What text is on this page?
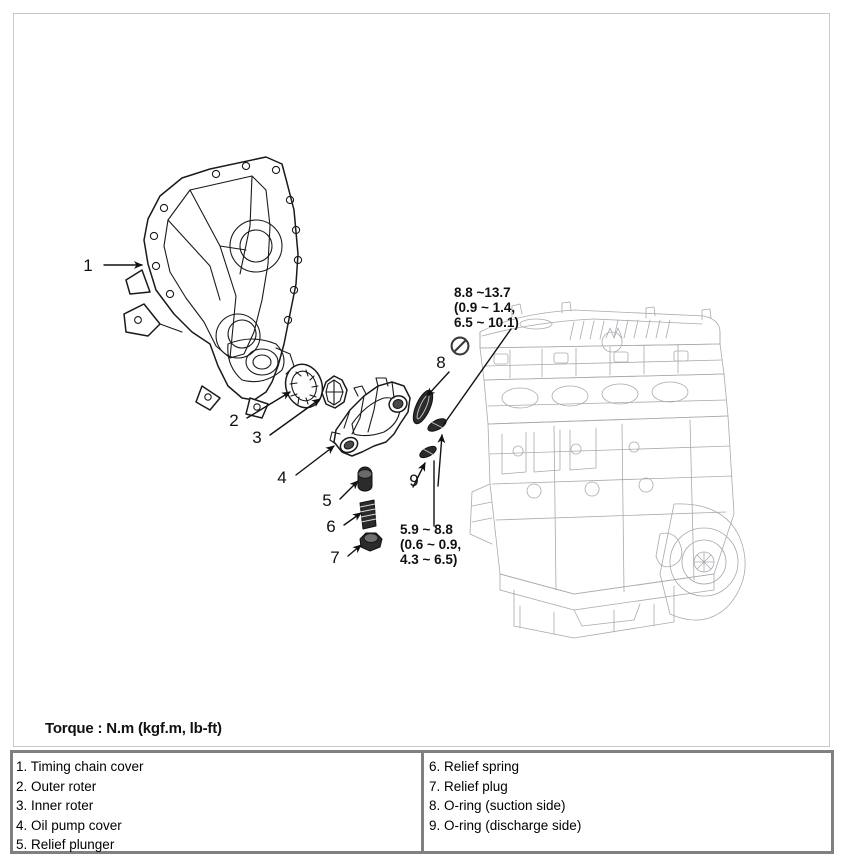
1
2
3
4
5
6
7
8
9
8.8 ~13.7
(0.9 ~ 1.4,
6.5 ~ 10.1)
5.9 ~ 8.8
(0.6 ~ 0.9,
4.3 ~ 6.5)
Torque : N.m (kgf.m, lb-ft)
1. Timing chain cover
2. Outer roter
3. Inner roter
4. Oil pump cover
5. Relief plunger
6. Relief spring
7. Relief plug
8. O-ring (suction side)
9. O-ring (discharge side)
